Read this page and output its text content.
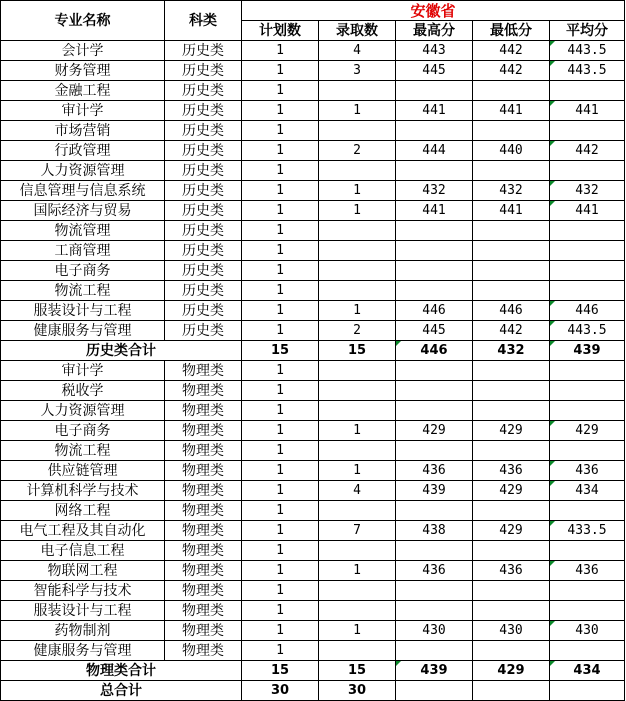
专业名称	科类	安徽省				
		计划数	录取数	最高分	最低分	平均分
会计学	历史类	1	4	443	442	443.5
财务管理	历史类	1	3	445	442	443.5
金融工程	历史类	1				
审计学	历史类	1	1	441	441	441
市场营销	历史类	1				
行政管理	历史类	1	2	444	440	442
人力资源管理	历史类	1				
信息管理与信息系统	历史类	1	1	432	432	432
国际经济与贸易	历史类	1	1	441	441	441
物流管理	历史类	1				
工商管理	历史类	1				
电子商务	历史类	1				
物流工程	历史类	1				
服装设计与工程	历史类	1	1	446	446	446
健康服务与管理	历史类	1	2	445	442	443.5
历史类合计		15	15	446	432	439
审计学	物理类	1				
税收学	物理类	1				
人力资源管理	物理类	1				
电子商务	物理类	1	1	429	429	429
物流工程	物理类	1				
供应链管理	物理类	1	1	436	436	436
计算机科学与技术	物理类	1	4	439	429	434
网络工程	物理类	1				
电气工程及其自动化	物理类	1	7	438	429	433.5
电子信息工程	物理类	1				
物联网工程	物理类	1	1	436	436	436
智能科学与技术	物理类	1				
服装设计与工程	物理类	1				
药物制剂	物理类	1	1	430	430	430
健康服务与管理	物理类	1				
物理类合计		15	15	439	429	434
总合计		30	30			
